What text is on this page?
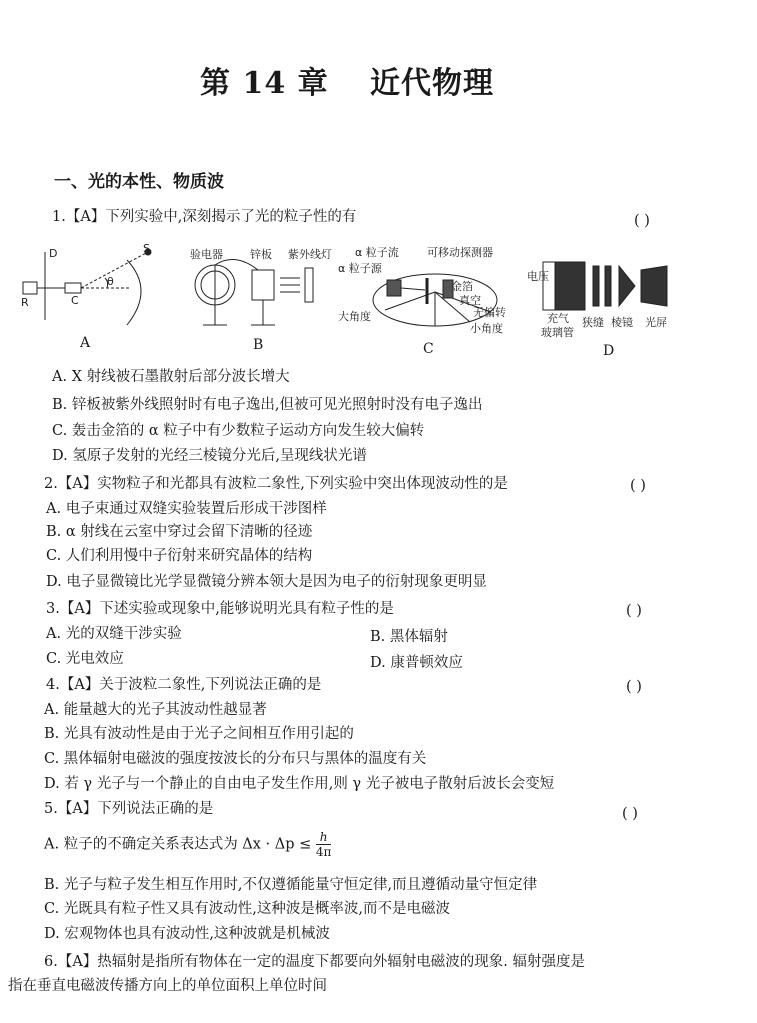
第 14 章 近代物理
一、光的本性、物质波
1.【A】下列实验中,深刻揭示了光的粒子性的有	( )
D	S
R	C
θ
验电器 锌板 紫外线灯 α 粒子流	可移动探测器
α 粒子源
金箔
真空
大角度	无偏转
小角度
电压
充气
玻璃管
狭缝 棱镜 光屏
A	B	C	D
A. X 射线被石墨散射后部分波长增大
B. 锌板被紫外线照射时有电子逸出,但被可见光照射时没有电子逸出
C. 轰击金箔的 α 粒子中有少数粒子运动方向发生较大偏转
D. 氢原子发射的光经三棱镜分光后,呈现线状光谱
2.【A】实物粒子和光都具有波粒二象性,下列实验中突出体现波动性的是	( )
A. 电子束通过双缝实验装置后形成干涉图样
B. α 射线在云室中穿过会留下清晰的径迹
C. 人们利用慢中子衍射来研究晶体的结构
D. 电子显微镜比光学显微镜分辨本领大是因为电子的衍射现象更明显
3.【A】下述实验或现象中,能够说明光具有粒子性的是	( )
A. 光的双缝干涉实验	B. 黑体辐射
C. 光电效应	D. 康普顿效应
4.【A】关于波粒二象性,下列说法正确的是	( )
A. 能量越大的光子其波动性越显著
B. 光具有波动性是由于光子之间相互作用引起的
C. 黑体辐射电磁波的强度按波长的分布只与黑体的温度有关
D. 若 γ 光子与一个静止的自由电子发生作用,则 γ 光子被电子散射后波长会变短
5.【A】下列说法正确的是	( )
A. 粒子的不确定关系表达式为 $\Delta x \cdot \Delta p \le \frac{h}{4\pi}$
B. 光子与粒子发生相互作用时,不仅遵循能量守恒定律,而且遵循动量守恒定律
C. 光既具有粒子性又具有波动性,这种波是概率波,而不是电磁波
D. 宏观物体也具有波动性,这种波就是机械波
6.【A】热辐射是指所有物体在一定的温度下都要向外辐射电磁波的现象. 辐射强度是
指在垂直电磁波传播方向上的单位面积上单位时间
